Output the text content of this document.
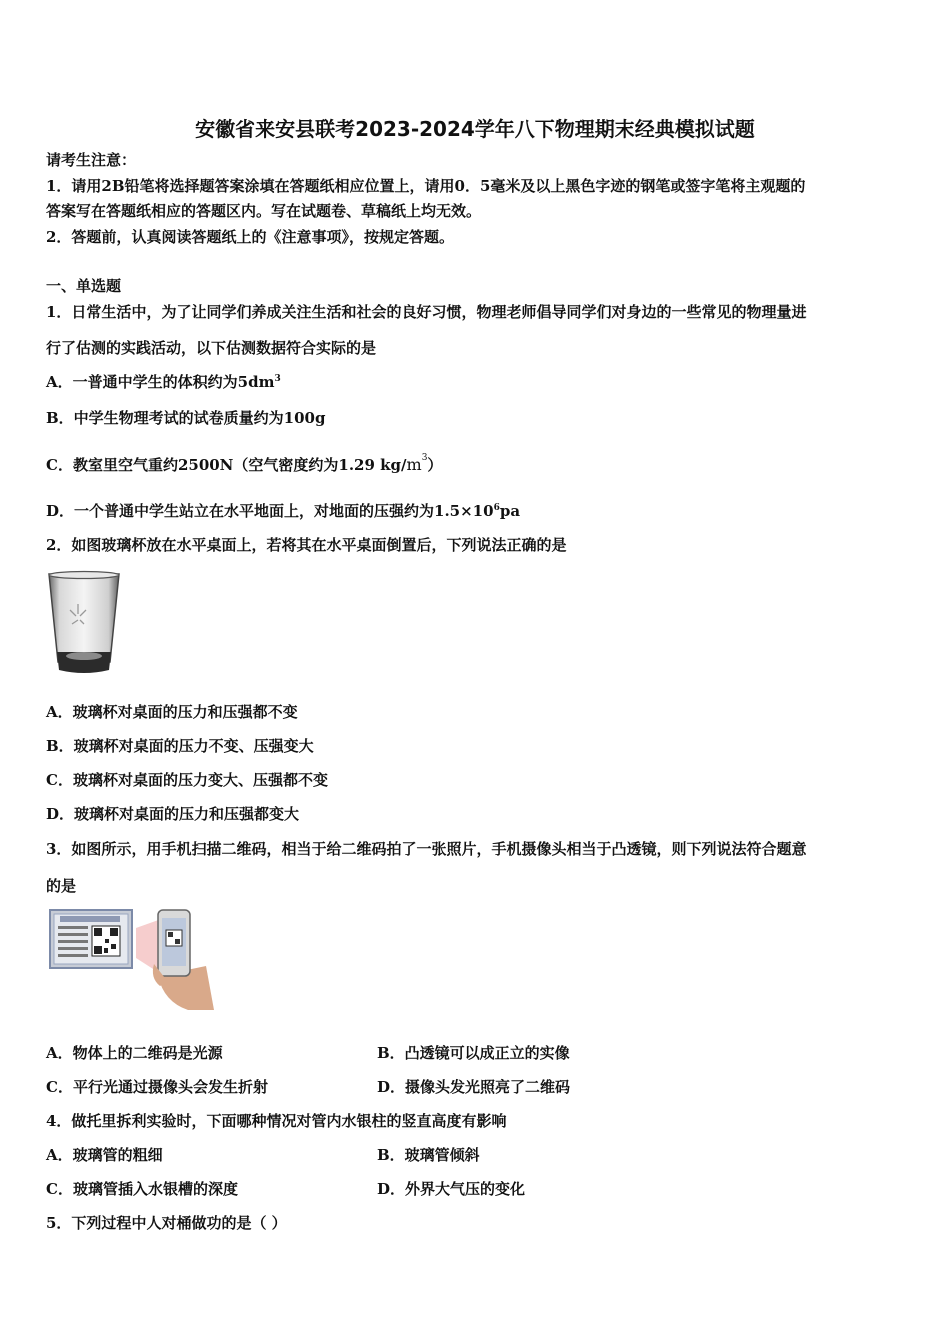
安徽省来安县联考2023-2024学年八下物理期末经典模拟试题
请考生注意：
1．请用2B铅笔将选择题答案涂填在答题纸相应位置上，请用0．5毫米及以上黑色字迹的钢笔或签字笔将主观题的
答案写在答题纸相应的答题区内。写在试题卷、草稿纸上均无效。
2．答题前，认真阅读答题纸上的《注意事项》，按规定答题。
一、单选题
1．日常生活中，为了让同学们养成关注生活和社会的良好习惯，物理老师倡导同学们对身边的一些常见的物理量进
行了估测的实践活动，以下估测数据符合实际的是
A．一普通中学生的体积约为$5dm^3$
B．中学生物理考试的试卷质量约为100g
C．教室里空气重约2500N（空气密度约为1.29 $kg/m^3$）
D．一个普通中学生站立在水平地面上，对地面的压强约为$1.5\times 10^6pa$
2．如图玻璃杯放在水平桌面上，若将其在水平桌面倒置后，下列说法正确的是
A．玻璃杯对桌面的压力和压强都不变
B．玻璃杯对桌面的压力不变、压强变大
C．玻璃杯对桌面的压力变大、压强都不变
D．玻璃杯对桌面的压力和压强都变大
3．如图所示，用手机扫描二维码，相当于给二维码拍了一张照片，手机摄像头相当于凸透镜，则下列说法符合题意
的是
A．物体上的二维码是光源	B．凸透镜可以成正立的实像
C．平行光通过摄像头会发生折射	D．摄像头发光照亮了二维码
4．做托里拆利实验时，下面哪种情况对管内水银柱的竖直高度有影响
A．玻璃管的粗细	B．玻璃管倾斜
C．玻璃管插入水银槽的深度	D．外界大气压的变化
5．下列过程中人对桶做功的是（ ）
